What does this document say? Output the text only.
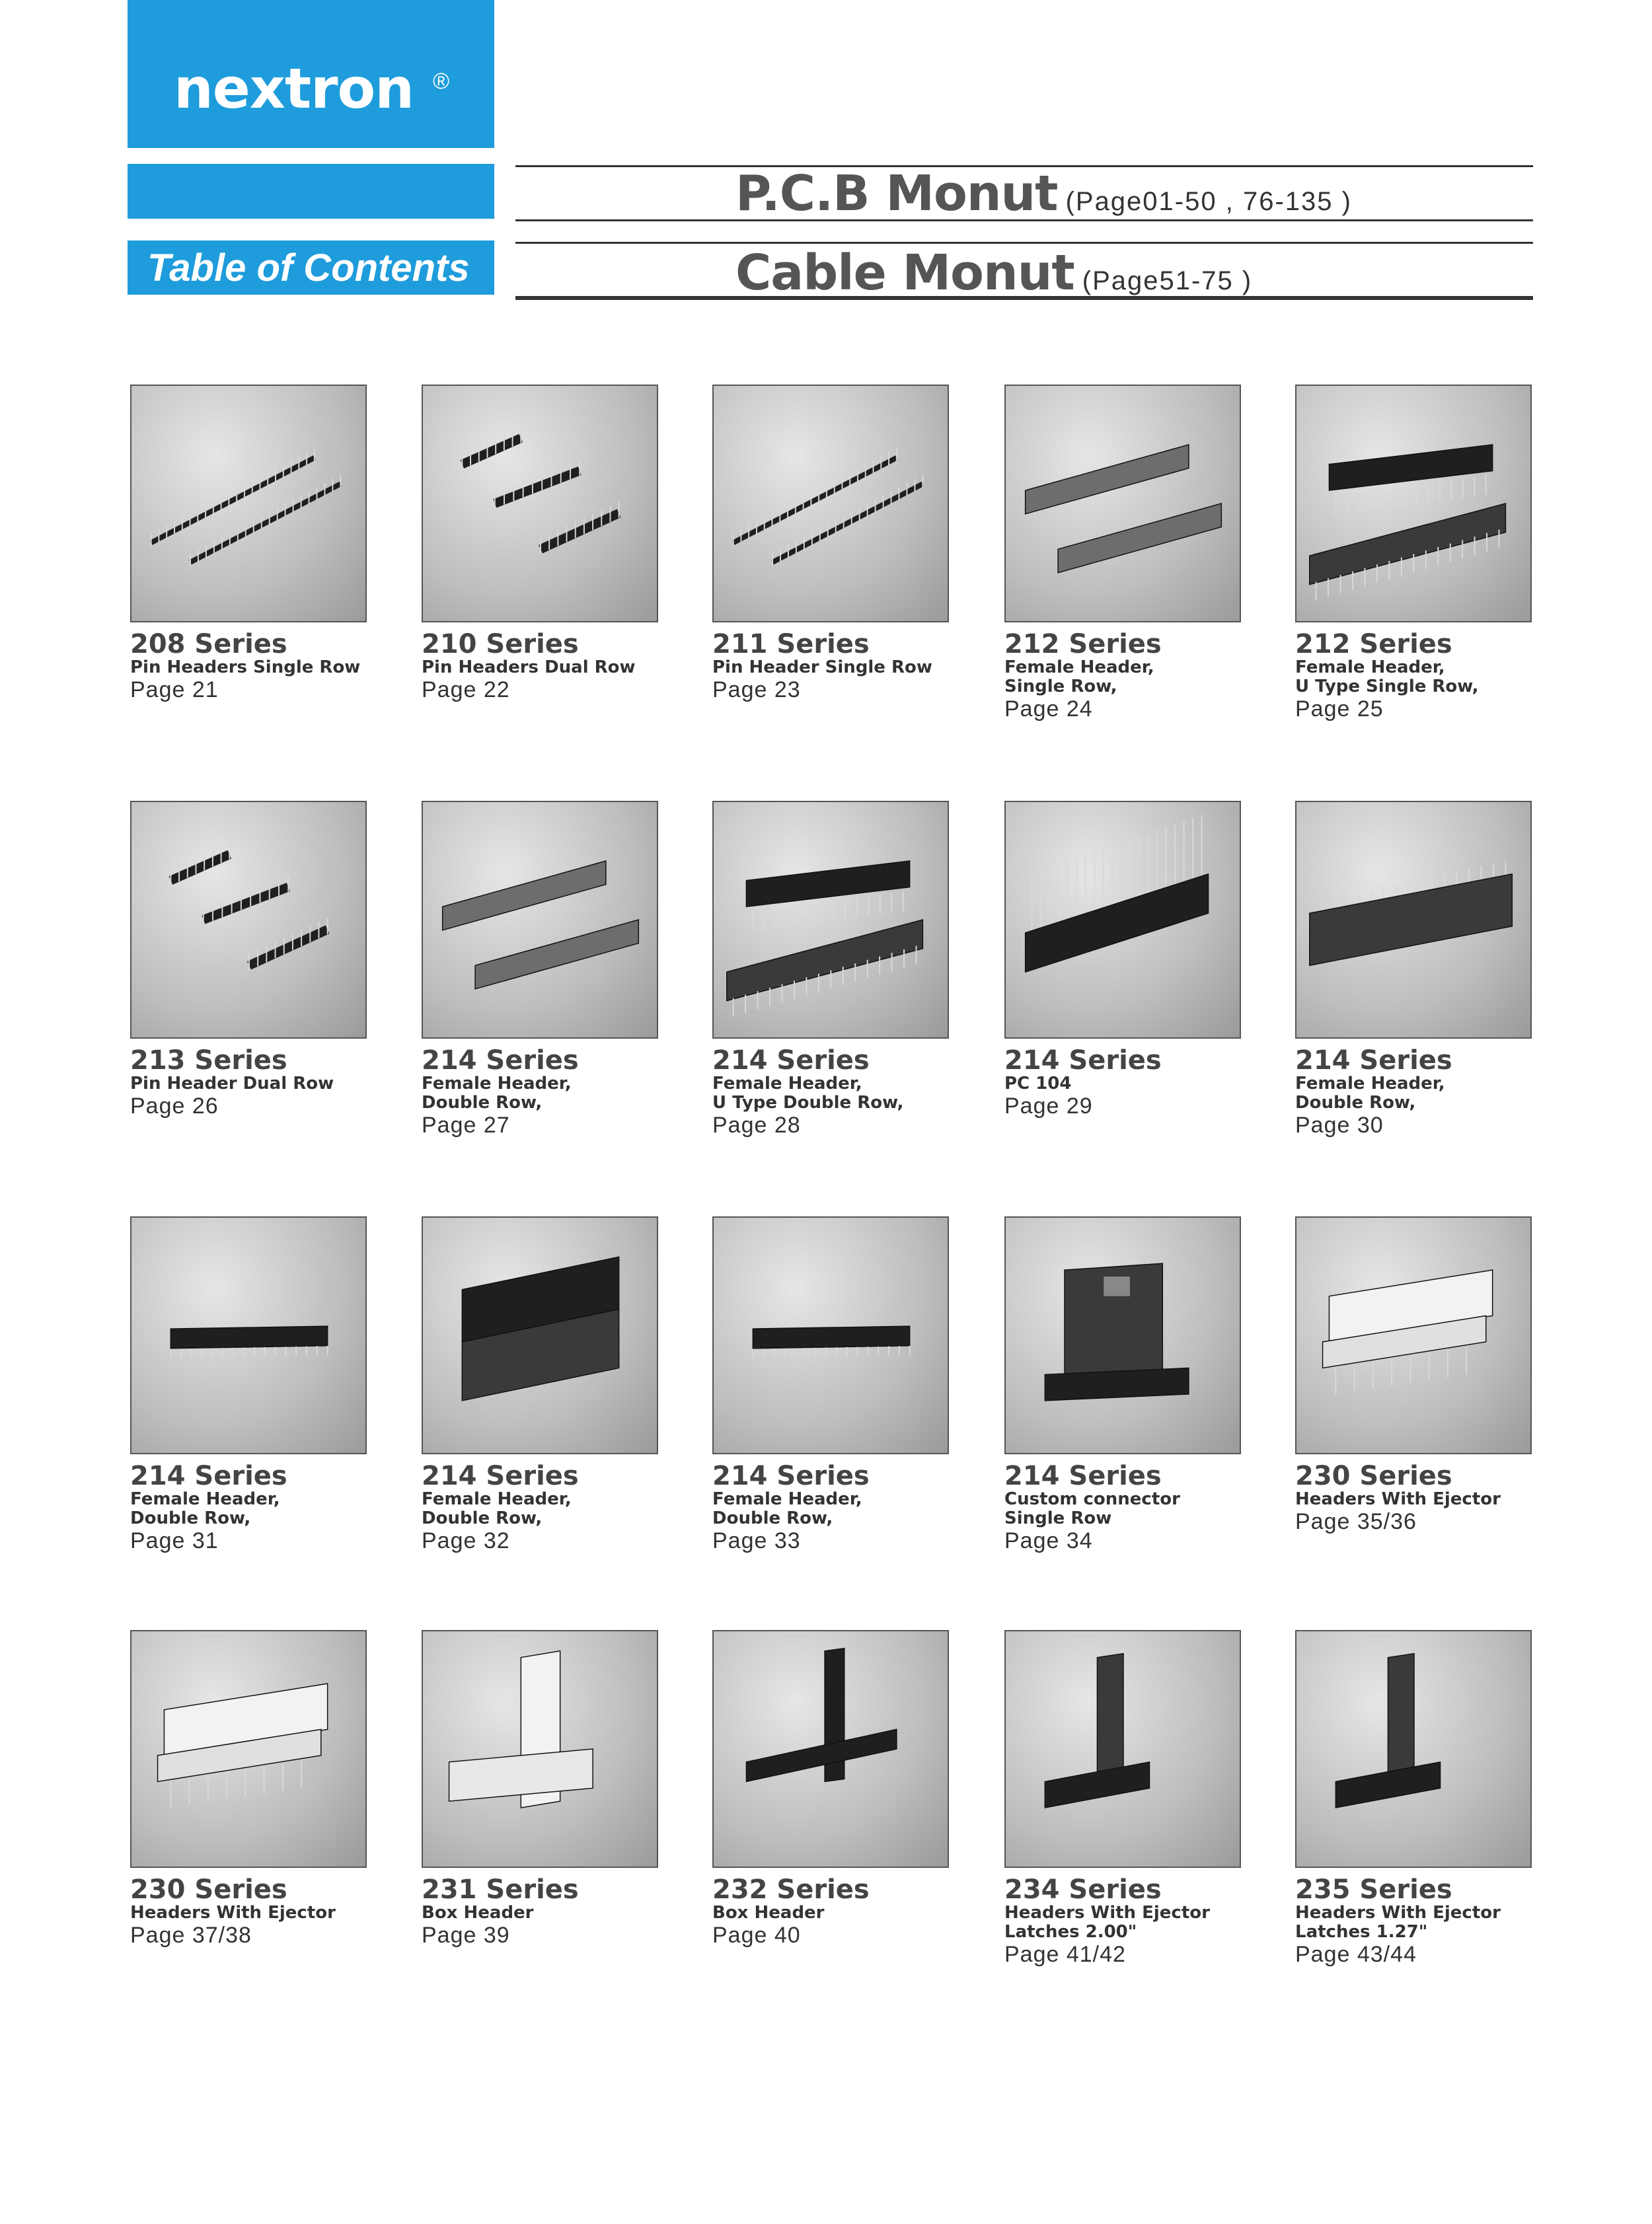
nextron ®
Table of Contents
P.C.B Monut (Page01-50 , 76-135 )
Cable Monut (Page51-75 )
208 Series
Pin Headers Single Row
Page 21
210 Series
Pin Headers Dual Row
Page 22
211 Series
Pin Header Single Row
Page 23
212 Series
Female Header,
Single Row,
Page 24
212 Series
Female Header,
U Type Single Row,
Page 25
213 Series
Pin Header Dual Row
Page 26
214 Series
Female Header,
Double Row,
Page 27
214 Series
Female Header,
U Type Double Row,
Page 28
214 Series
PC 104
Page 29
214 Series
Female Header,
Double Row,
Page 30
214 Series
Female Header,
Double Row,
Page 31
214 Series
Female Header,
Double Row,
Page 32
214 Series
Female Header,
Double Row,
Page 33
214 Series
Custom connector
Single Row
Page 34
230 Series
Headers With Ejector
Page 35/36
230 Series
Headers With Ejector
Page 37/38
231 Series
Box Header
Page 39
232 Series
Box Header
Page 40
234 Series
Headers With Ejector
Latches 2.00"
Page 41/42
235 Series
Headers With Ejector
Latches 1.27"
Page 43/44
